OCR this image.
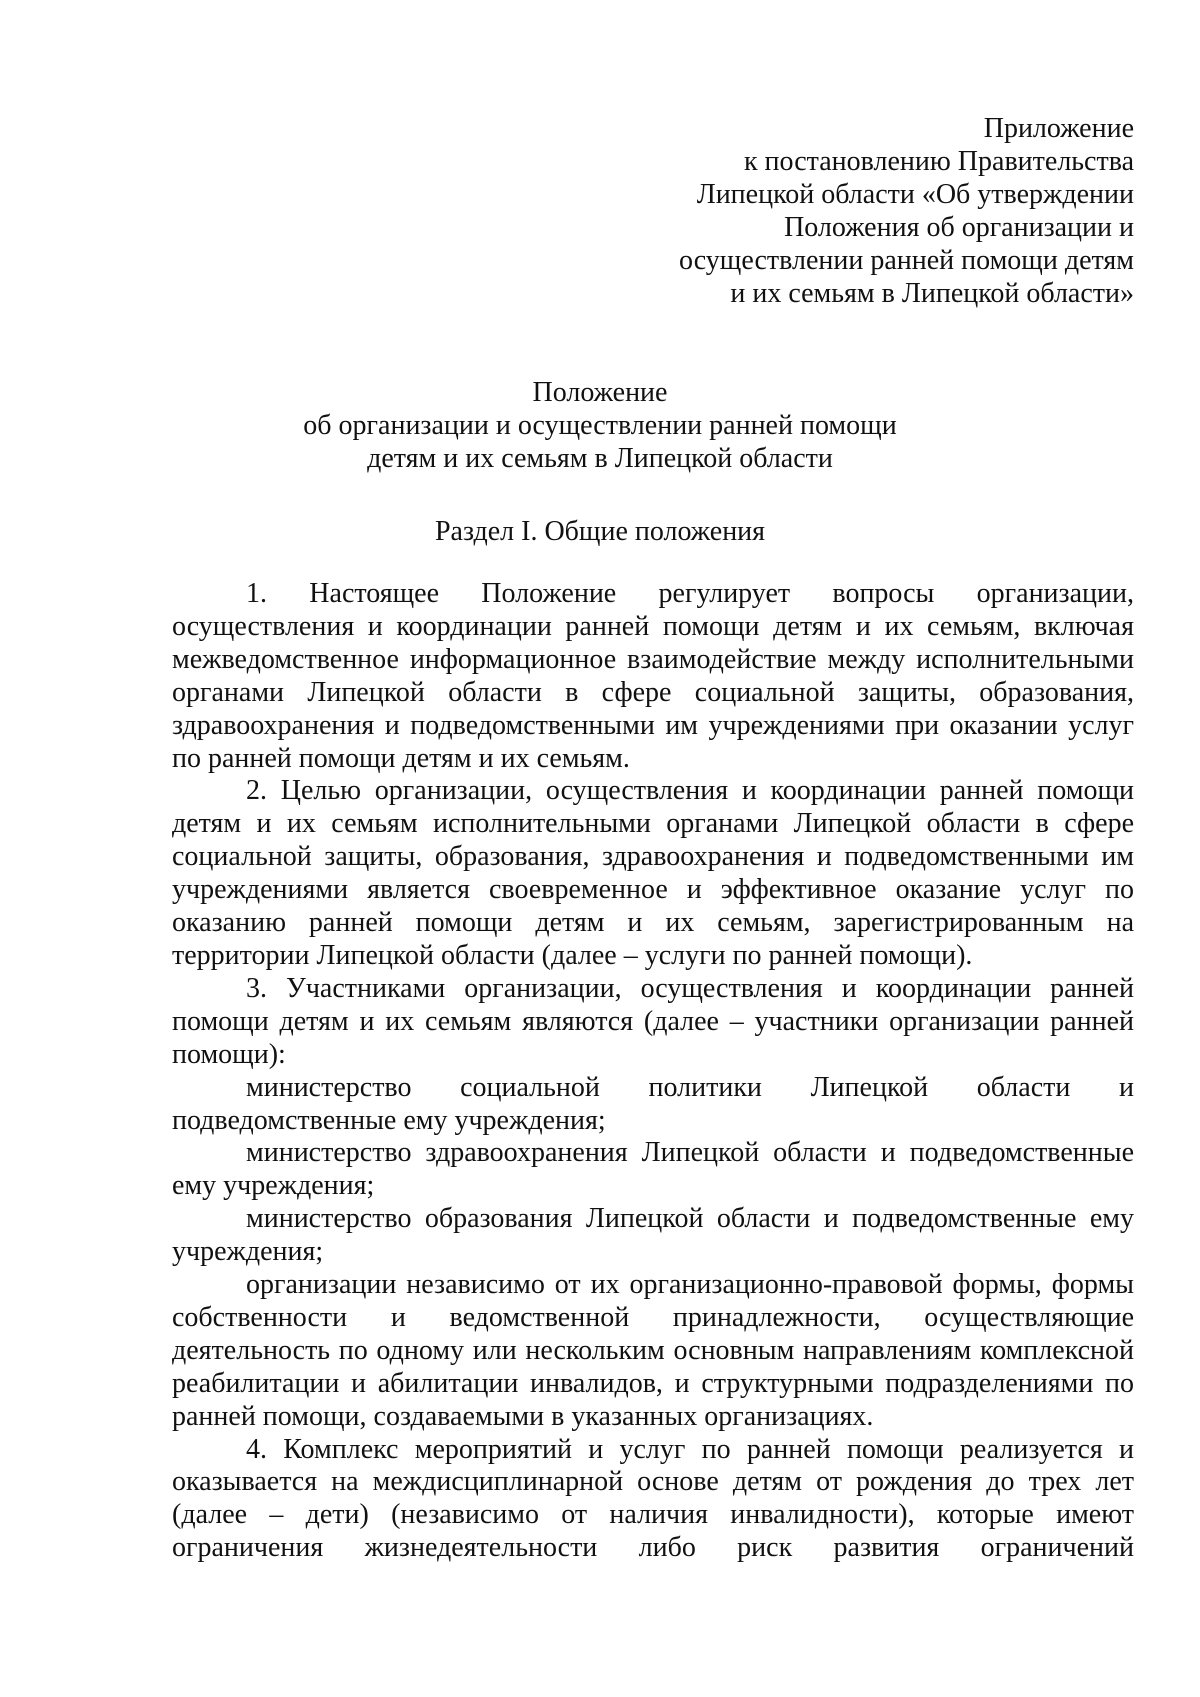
Приложение
к постановлению Правительства
Липецкой области «Об утверждении
Положения об организации и
осуществлении ранней помощи детям
и их семьям в Липецкой области»
Положение
об организации и осуществлении ранней помощи
детям и их семьям в Липецкой области
Раздел I. Общие положения

1. Настоящее Положение регулирует вопросы организации, осуществления и координации ранней помощи детям и их семьям, включая межведомственное информационное взаимодействие между исполнительными органами Липецкой области в сфере социальной защиты, образования, здравоохранения и подведомственными им учреждениями при оказании услуг по ранней помощи детям и их семьям.

2. Целью организации, осуществления и координации ранней помощи детям и их семьям исполнительными органами Липецкой области в сфере социальной защиты, образования, здравоохранения и подведомственными им учреждениями является своевременное и эффективное оказание услуг по оказанию ранней помощи детям и их семьям, зарегистрированным на территории Липецкой области (далее – услуги по ранней помощи).

3. Участниками организации, осуществления и координации ранней помощи детям и их семьям являются (далее – участники организации ранней помощи):

министерство социальной политики Липецкой области и подведомственные ему учреждения;

министерство здравоохранения Липецкой области и подведомственные ему учреждения;

министерство образования Липецкой области и подведомственные ему учреждения;

организации независимо от их организационно-правовой формы, формы собственности и ведомственной принадлежности, осуществляющие деятельность по одному или нескольким основным направлениям комплексной реабилитации и абилитации инвалидов, и структурными подразделениями по ранней помощи, создаваемыми в указанных организациях.

4. Комплекс мероприятий и услуг по ранней помощи реализуется и оказывается на междисциплинарной основе детям от рождения до трех лет (далее – дети) (независимо от наличия инвалидности), которые имеют ограничения жизнедеятельности либо риск развития ограничений
